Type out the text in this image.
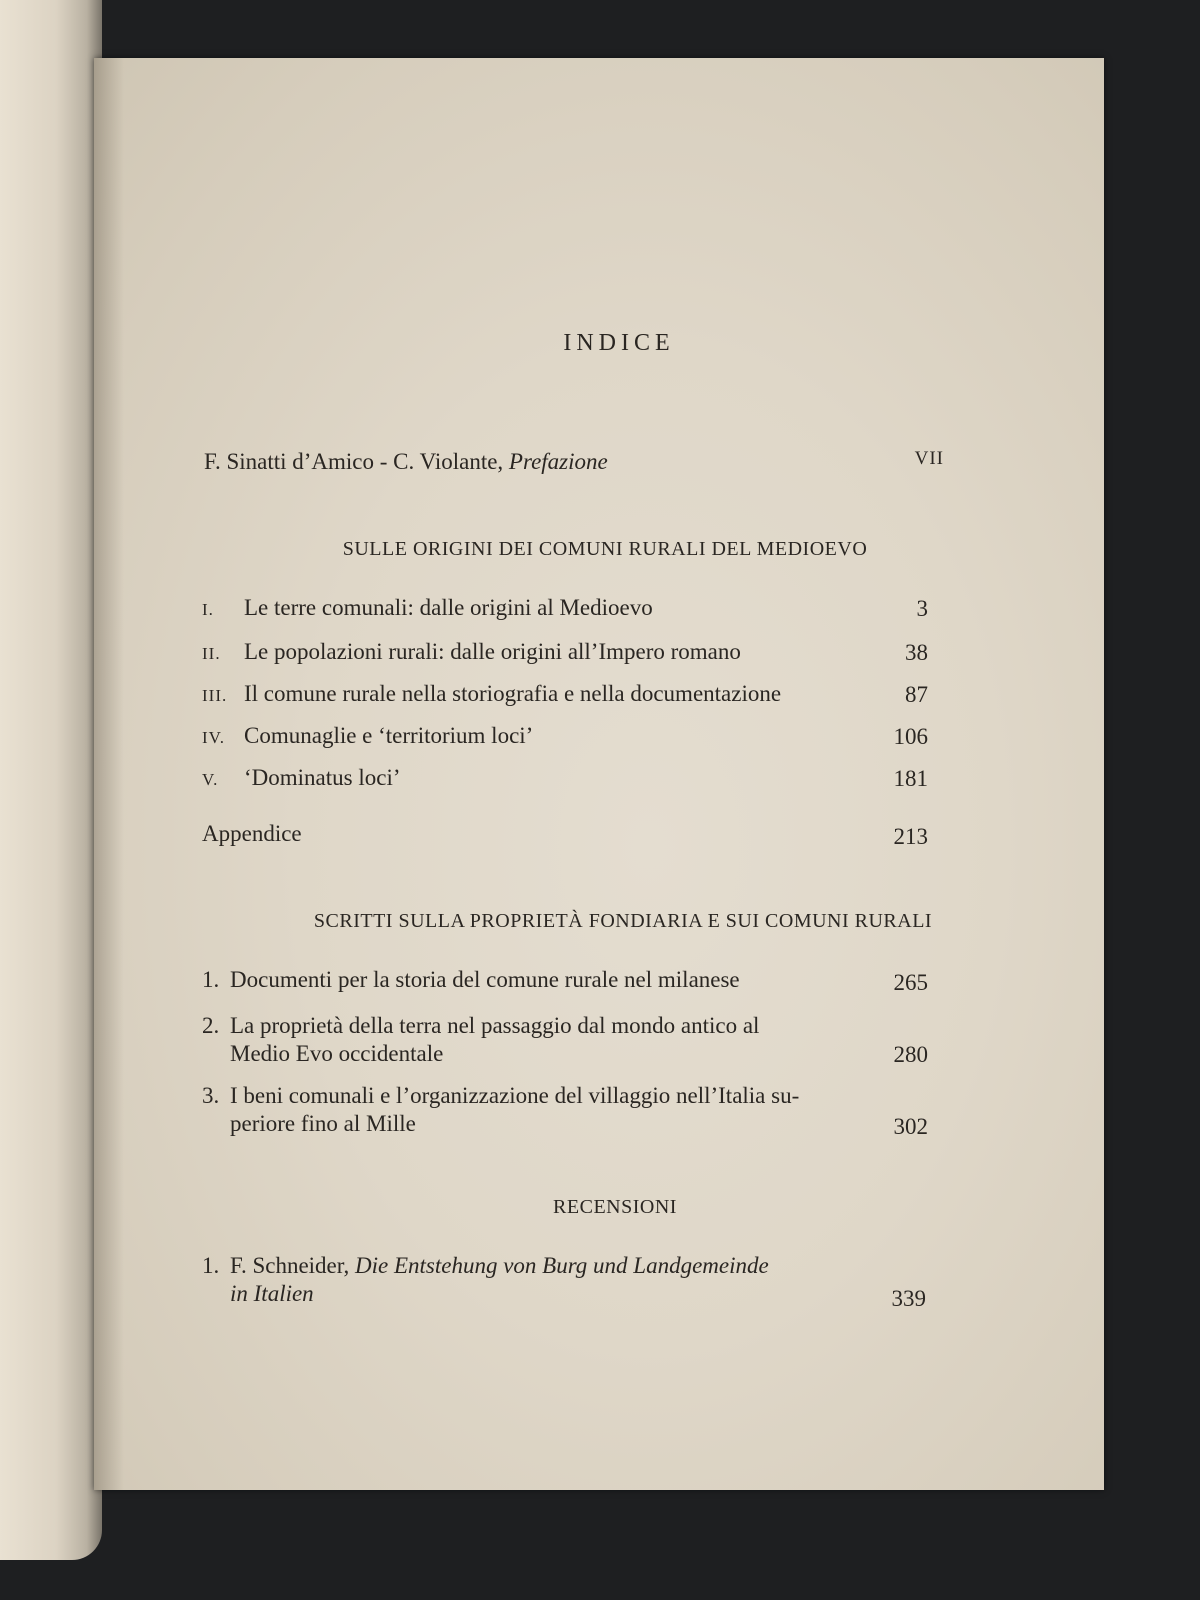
INDICE
F. Sinatti d’Amico - C. Violante, Prefazione	VII
SULLE ORIGINI DEI COMUNI RURALI DEL MEDIOEVO
I. Le terre comunali: dalle origini al Medioevo	3
II. Le popolazioni rurali: dalle origini all’Impero romano	38
III. Il comune rurale nella storiografia e nella documentazione	87
IV. Comunaglie e ‘territorium loci’	106
V. ‘Dominatus loci’	181
Appendice	213
SCRITTI SULLA PROPRIETÀ FONDIARIA E SUI COMUNI RURALI
1. Documenti per la storia del comune rurale nel milanese	265
2. La proprietà della terra nel passaggio dal mondo antico al
Medio Evo occidentale	280
3. I beni comunali e l’organizzazione del villaggio nell’Italia su-
periore fino al Mille	302
RECENSIONI
1. F. Schneider, Die Entstehung von Burg und Landgemeinde
in Italien	339
